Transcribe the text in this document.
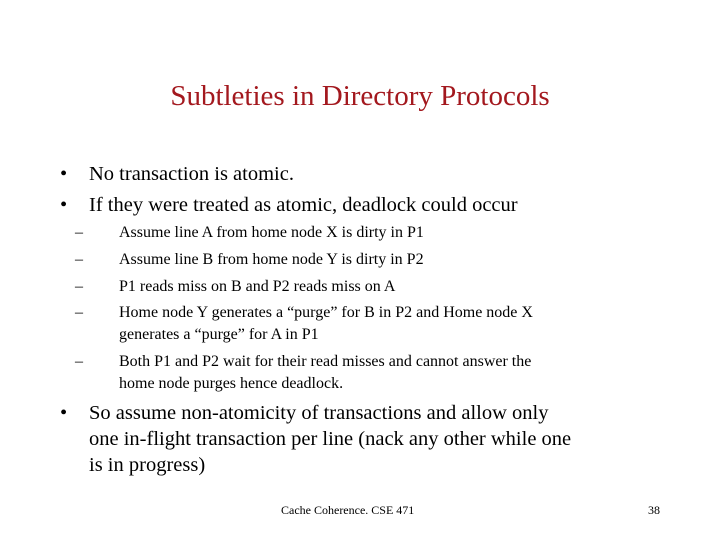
Subtleties in Directory Protocols
• No transaction is atomic.
• If they were treated as atomic, deadlock could occur
– Assume line A from home node X is dirty in P1
– Assume line B from home node Y is dirty in P2
– P1 reads miss on B and P2 reads miss on A
– Home node Y generates a “purge” for B in P2 and Home node X
generates a “purge” for A in P1
– Both P1 and P2 wait for their read misses and cannot answer the
home node purges hence deadlock.
• So assume non-atomicity of transactions and allow only
one in-flight transaction per line (nack any other while one
is in progress)
Cache Coherence. CSE 471	38
